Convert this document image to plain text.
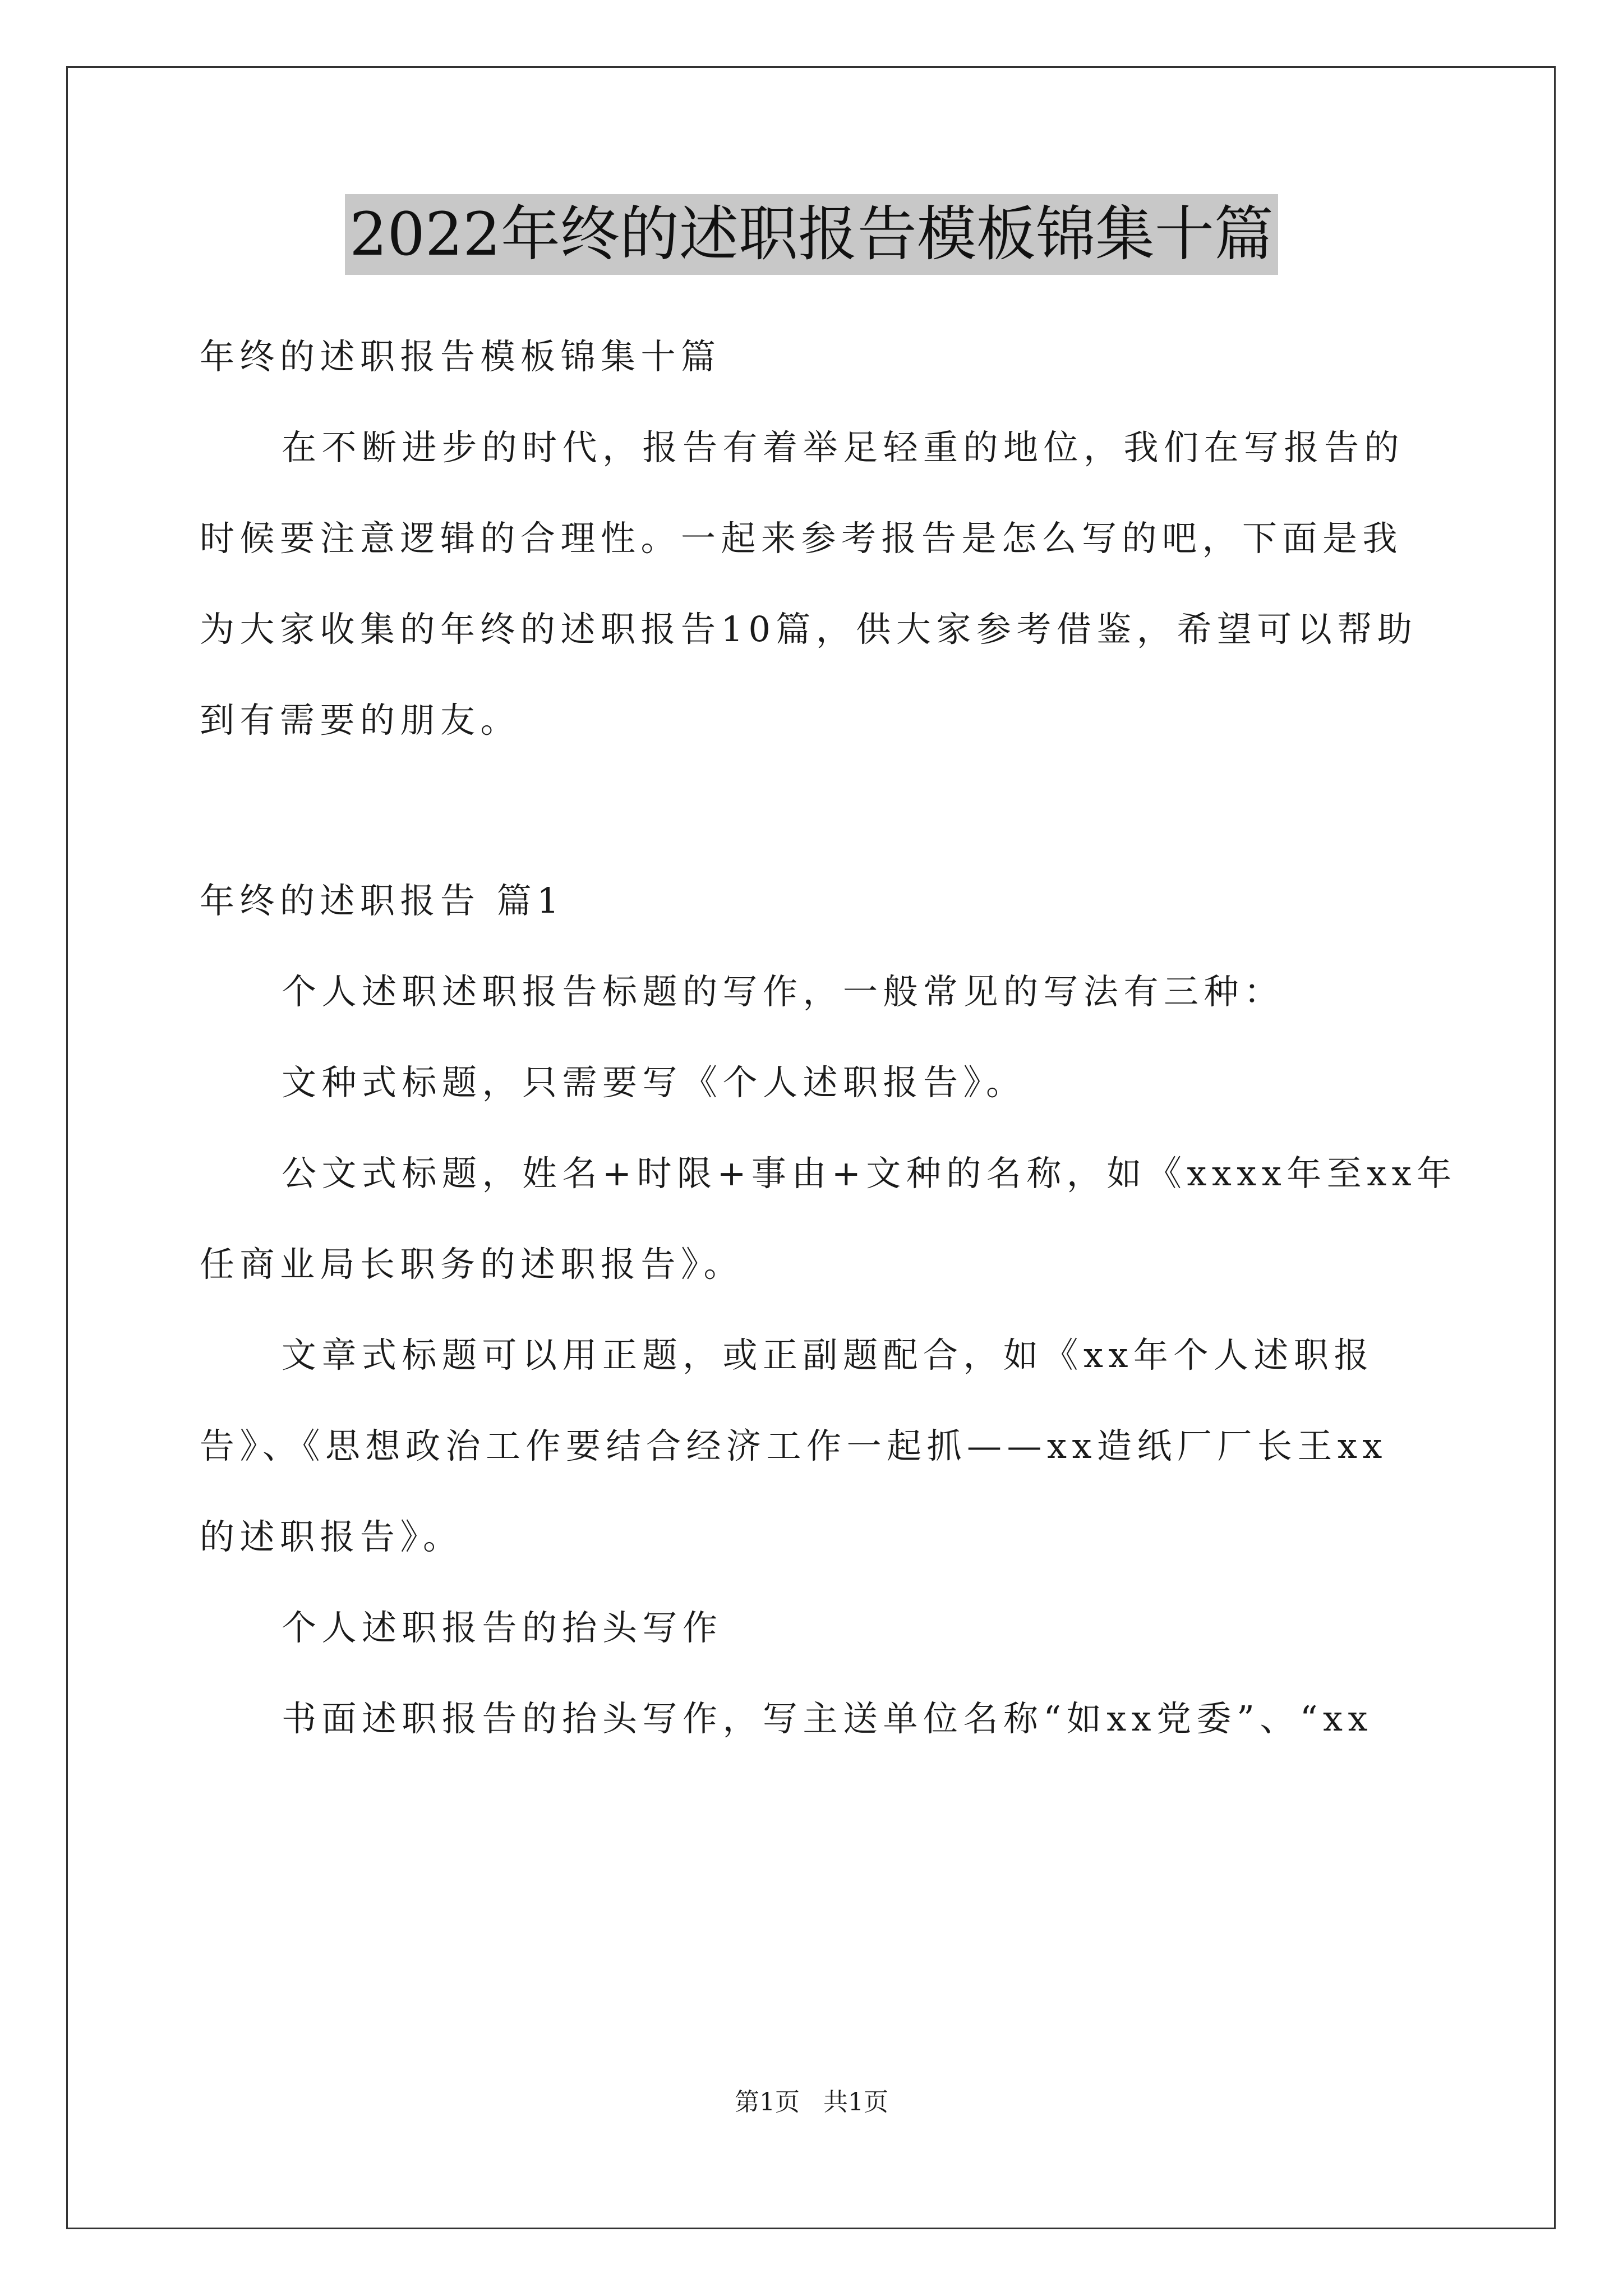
2022年终的述职报告模板锦集十篇

年终的述职报告模板锦集十篇

在不断进步的时代，报告有着举足轻重的地位，我们在写报告的

时候要注意逻辑的合理性。一起来参考报告是怎么写的吧，下面是我

为大家收集的年终的述职报告10篇，供大家参考借鉴，希望可以帮助

到有需要的朋友。

年终的述职报告 篇1

个人述职述职报告标题的写作，一般常见的写法有三种：

文种式标题，只需要写《个人述职报告》。

公文式标题，姓名+时限+事由+文种的名称，如《xxxx年至xx年

任商业局长职务的述职报告》。

文章式标题可以用正题，或正副题配合，如《xx年个人述职报

告》、《思想政治工作要结合经济工作一起抓——xx造纸厂厂长王xx

的述职报告》。

个人述职报告的抬头写作

书面述职报告的抬头写作，写主送单位名称“如xx党委”、“xx

第1页   共1页
